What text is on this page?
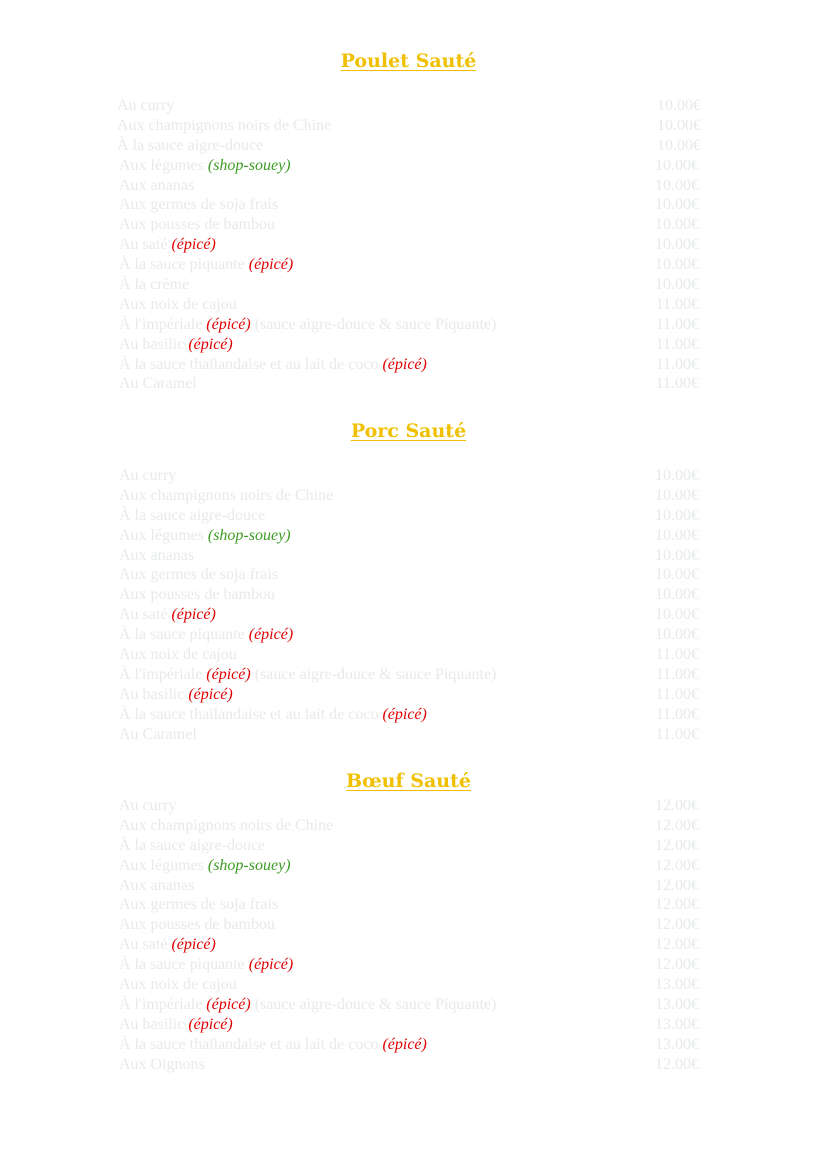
Poulet Sauté
Au curry	10.00€
Aux champignons noirs de Chine	10.00€
À la sauce aigre-douce	10.00€
Aux légumes (shop-souey)	10.00€
Aux ananas	10.00€
Aux germes de soja frais	10.00€
Aux pousses de bambou	10.00€
Au saté (épicé)	10.00€
À la sauce piquante (épicé)	10.00€
À la crème	10.00€
Aux noix de cajou	11.00€
À l'impériale (épicé) (sauce aigre-douce & sauce Piquante)	11.00€
Au basilic (épicé)	11.00€
À la sauce thaïlandaise et au lait de coco (épicé)	11.00€
Au Caramel	11.00€
Porc Sauté
Au curry	10.00€
Aux champignons noirs de Chine	10.00€
À la sauce aigre-douce	10.00€
Aux légumes (shop-souey)	10.00€
Aux ananas	10.00€
Aux germes de soja frais	10.00€
Aux pousses de bambou	10.00€
Au saté (épicé)	10.00€
À la sauce piquante (épicé)	10.00€
Aux noix de cajou	11.00€
À l'impériale (épicé) (sauce aigre-douce & sauce Piquante)	11.00€
Au basilic (épicé)	11.00€
À la sauce thaïlandaise et au lait de coco (épicé)	11.00€
Au Caramel	11.00€
Bœuf Sauté
Au curry	12.00€
Aux champignons noirs de Chine	12.00€
À la sauce aigre-douce	12.00€
Aux légumes (shop-souey)	12.00€
Aux ananas	12.00€
Aux germes de soja frais	12.00€
Aux pousses de bambou	12.00€
Au saté (épicé)	12.00€
À la sauce piquante (épicé)	12.00€
Aux noix de cajou	13.00€
À l'impériale (épicé) (sauce aigre-douce & sauce Piquante)	13.00€
Au basilic (épicé)	13.00€
À la sauce thaïlandaise et au lait de coco (épicé)	13.00€
Aux Oignons	12.00€
